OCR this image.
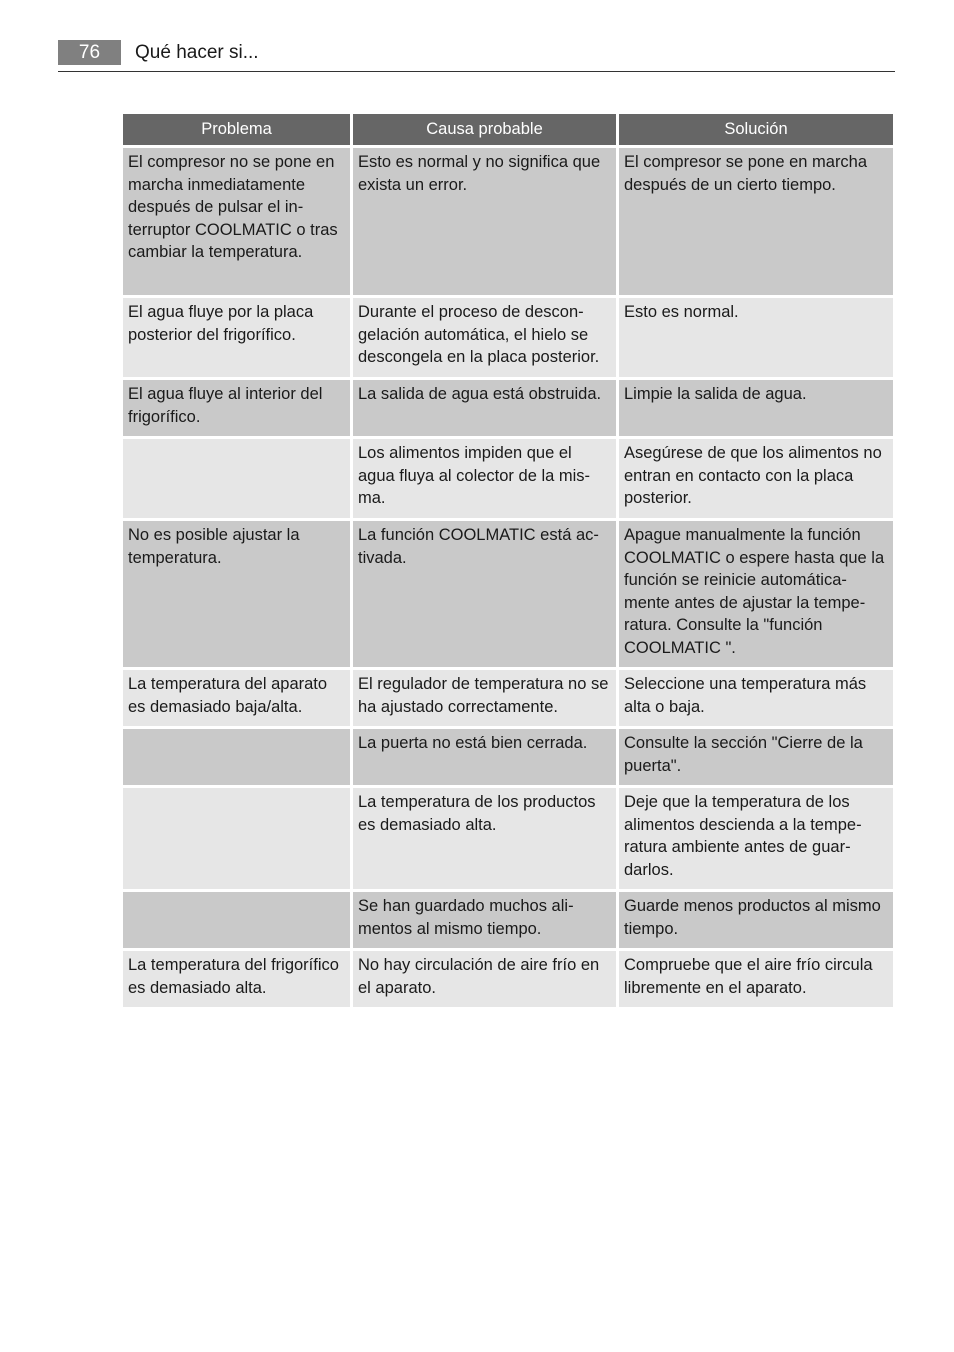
76	Qué hacer si...
Problema	Causa probable	Solución
El compresor no se pone en marcha inmediatamente después de pulsar el interruptor COOLMATIC o tras cambiar la temperatura.	Esto es normal y no significa que exista un error.	El compresor se pone en marcha después de un cierto tiempo.
El agua fluye por la placa posterior del frigorífico.	Durante el proceso de descongelación automática, el hielo se descongela en la placa posterior.	Esto es normal.
El agua fluye al interior del frigorífico.	La salida de agua está obstruida.	Limpie la salida de agua.
	Los alimentos impiden que el agua fluya al colector de la misma.	Asegúrese de que los alimentos no entran en contacto con la placa posterior.
No es posible ajustar la temperatura.	La función COOLMATIC está activada.	Apague manualmente la función COOLMATIC o espere hasta que la función se reinicie automáticamente antes de ajustar la temperatura. Consulte la "función COOLMATIC ".
La temperatura del aparato es demasiado baja/alta.	El regulador de temperatura no se ha ajustado correctamente.	Seleccione una temperatura más alta o baja.
	La puerta no está bien cerrada.	Consulte la sección "Cierre de la puerta".
	La temperatura de los productos es demasiado alta.	Deje que la temperatura de los alimentos descienda a la temperatura ambiente antes de guardarlos.
	Se han guardado muchos alimentos al mismo tiempo.	Guarde menos productos al mismo tiempo.
La temperatura del frigorífico es demasiado alta.	No hay circulación de aire frío en el aparato.	Compruebe que el aire frío circula libremente en el aparato.
